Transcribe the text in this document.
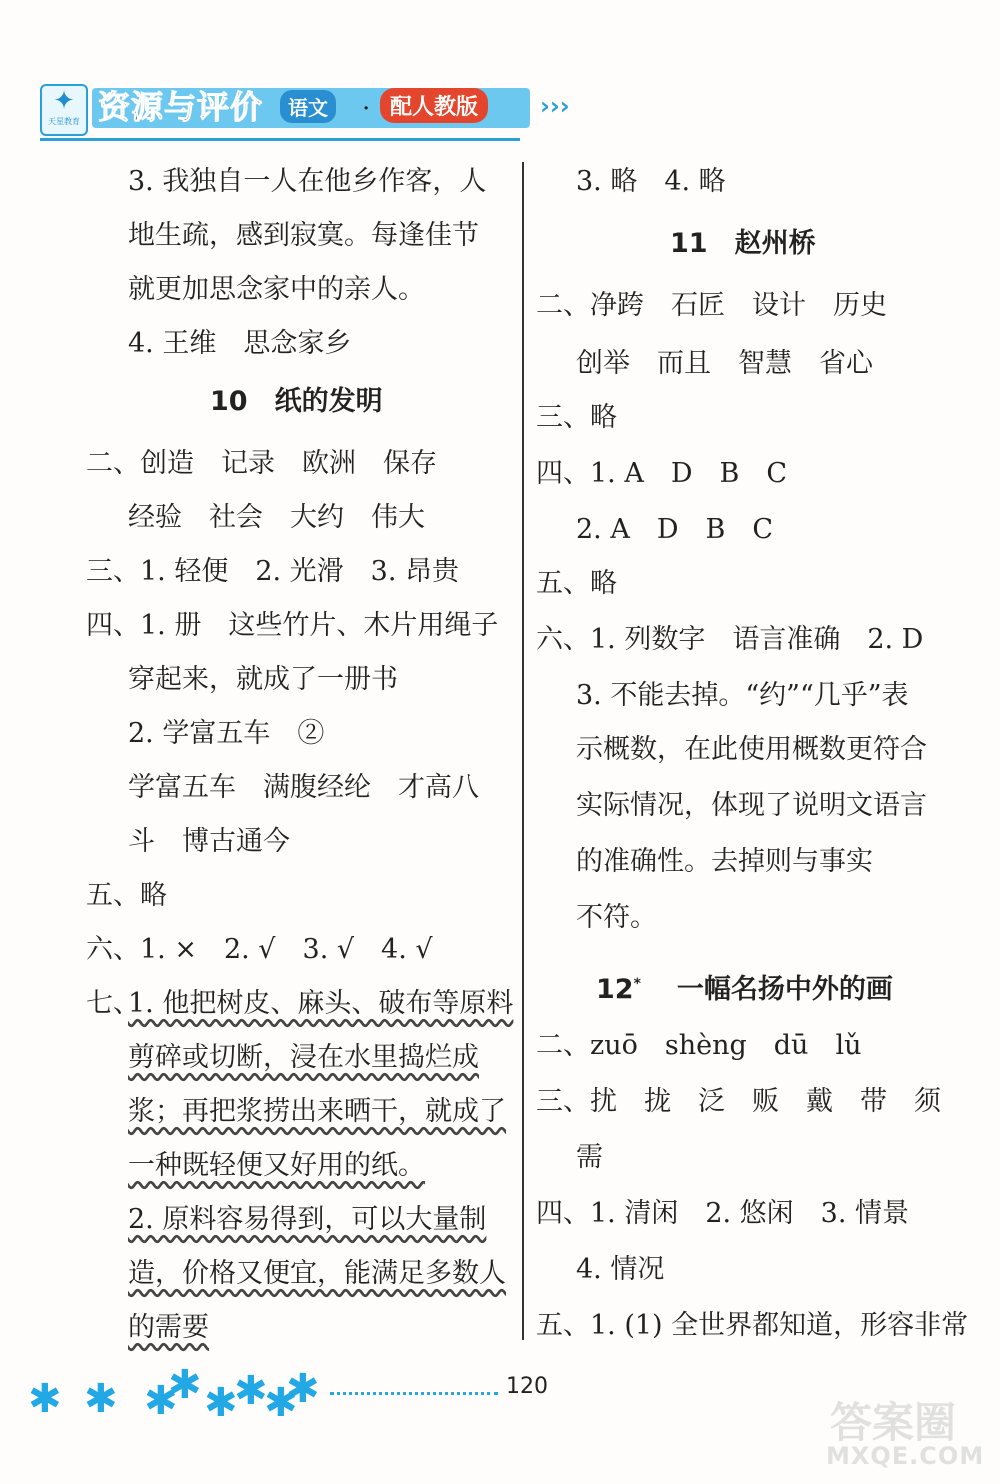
✦
天星教育 资源与评价	语文	· 配人教版	›››
3. 我独自一人在他乡作客，人
地生疏，感到寂寞。每逢佳节
就更加思念家中的亲人。
4. 王维　思念家乡
10　纸的发明
二、创造　记录　欧洲　保存
经验　社会　大约　伟大
三、1. 轻便　2. 光滑　3. 昂贵
四、1. 册　这些竹片、木片用绳子
穿起来，就成了一册书
2. 学富五车　②
学富五车　满腹经纶　才高八
斗　博古通今
五、略
六、1. ×　2. √　3. √　4. √
七、
1. 他把树皮、麻头、破布等原料
剪碎或切断，浸在水里捣烂成
浆；再把浆捞出来晒干，就成了
一种既轻便又好用的纸。
2. 原料容易得到，可以大量制
造，价格又便宜，能满足多数人
的需要
3. 略　4. 略
11　赵州桥
二、净跨　石匠　设计　历史
创举　而且　智慧　省心
三、略
四、1. A　D　B　C
2. A　D　B　C
五、略
六、1. 列数字　语言准确　2. D
3. 不能去掉。“约”“几乎”表
示概数，在此使用概数更符合
实际情况，体现了说明文语言
的准确性。去掉则与事实
不符。
12* 一幅名扬中外的画
二、zuō　shèng　dū　lǔ
三、扰　拢　泛　贩　戴　带　须
需
四、1. 清闲　2. 悠闲　3. 情景
4. 情况
五、1. (1) 全世界都知道，形容非常
✱ ✱ ✱
✱ ✱
✱
✱
✱	120
答案圈
MXQE.COM
